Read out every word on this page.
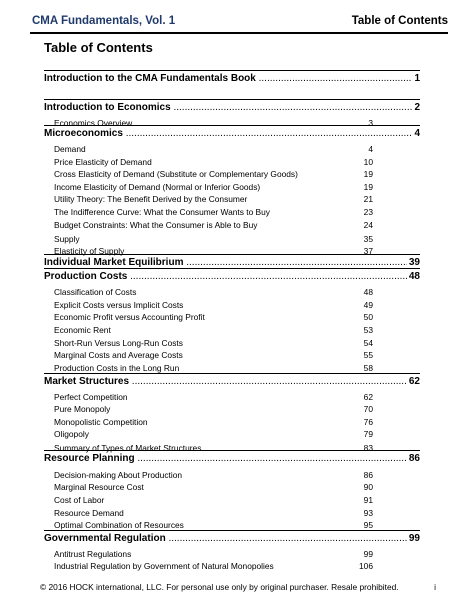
CMA Fundamentals, Vol. 1	Table of Contents
Table of Contents
Introduction to the CMA Fundamentals Book .....	1
Introduction to Economics .....	2
Economics Overview	3
Microeconomics .....	4
Demand	4
Price Elasticity of Demand	10
Cross Elasticity of Demand (Substitute or Complementary Goods)	19
Income Elasticity of Demand (Normal or Inferior Goods)	19
Utility Theory: The Benefit Derived by the Consumer	21
The Indifference Curve: What the Consumer Wants to Buy	23
Budget Constraints: What the Consumer is Able to Buy	24
Supply	35
Elasticity of Supply	37
Individual Market Equilibrium .....	39
Production Costs .....	48
Classification of Costs	48
Explicit Costs versus Implicit Costs	49
Economic Profit versus Accounting Profit	50
Economic Rent	53
Short-Run Versus Long-Run Costs	54
Marginal Costs and Average Costs	55
Production Costs in the Long Run	58
Market Structures .....	62
Perfect Competition	62
Pure Monopoly	70
Monopolistic Competition	76
Oligopoly	79
Summary of Types of Market Structures	83
Resource Planning .....	86
Decision-making About Production	86
Marginal Resource Cost	90
Cost of Labor	91
Resource Demand	93
Optimal Combination of Resources	95
Governmental Regulation .....	99
Antitrust Regulations	99
Industrial Regulation by Government of Natural Monopolies	106
© 2016 HOCK international, LLC. For personal use only by original purchaser. Resale prohibited.	i
